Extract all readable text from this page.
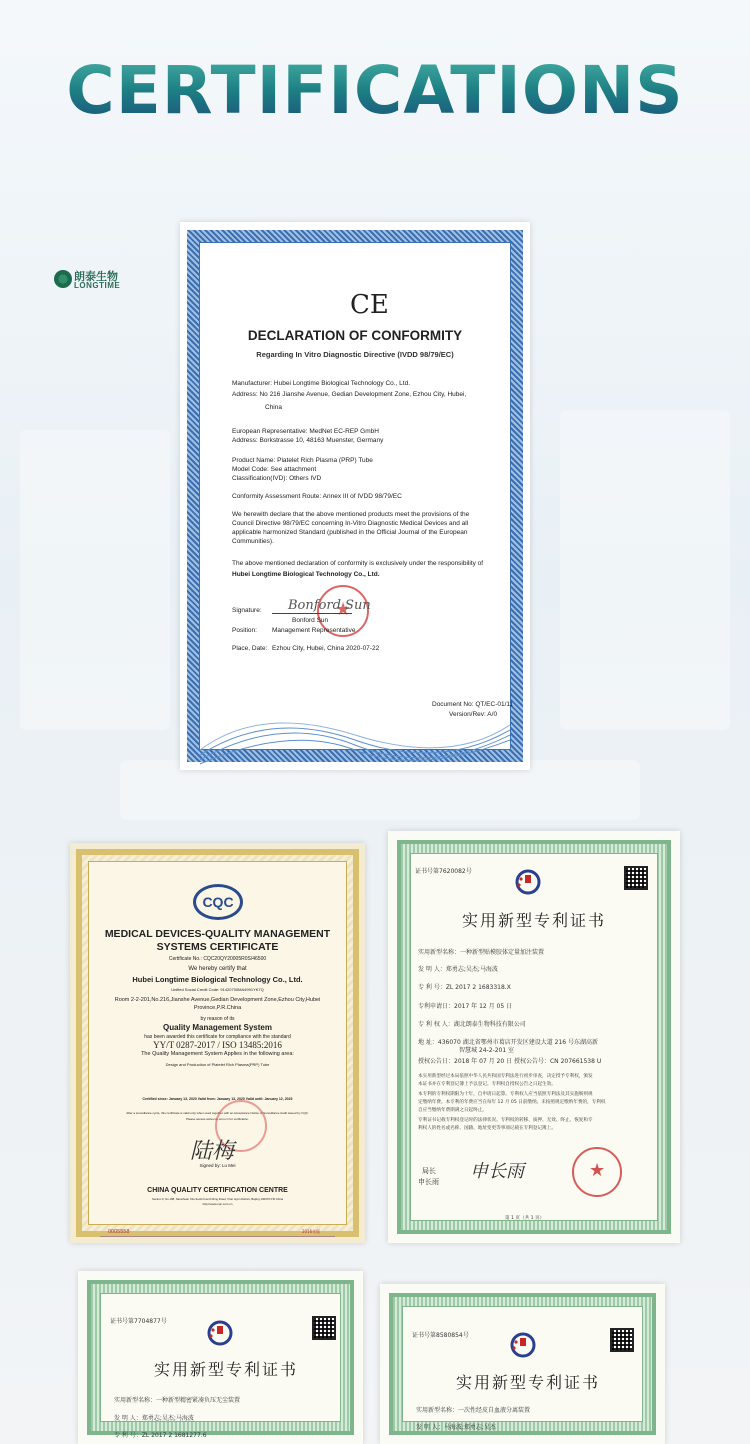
CERTIFICATIONS
朗泰生物
LONGTIME
CE
DECLARATION OF CONFORMITY
Regarding In Vitro Diagnostic Directive (IVDD 98/79/EC)
Manufacturer: Hubei Longtime Biological Technology Co., Ltd.
Address: No 216 Jianshe Avenue, Gedian Development Zone, Ezhou City, Hubei,
China
European Representative: MedNet EC-REP GmbH
Address: Borkstrasse 10, 48163 Muenster, Germany
Product Name: Platelet Rich Plasma (PRP) Tube
Model Code: See attachment
Classification(IVD): Others IVD
Conformity Assessment Route: Annex III of IVDD 98/79/EC
We herewith declare that the above mentioned products meet the provisions of the
Council Directive 98/79/EC concerning In-Vitro Diagnostic Medical Devices and all
applicable harmonized Standard (published in the Official Journal of the European
Communities).
The above mentioned declaration of conformity is exclusively under the responsibility of
Hubei Longtime Biological Technology Co., Ltd.
★
Bonford Sun
Signature:
Bonford Sun
Position: Management Representative
Place, Date: Ezhou City, Hubei, China 2020-07-22
Document No: QT/EC-01/11
Version/Rev: A/0
CQC
MEDICAL DEVICES-QUALITY MANAGEMENT
SYSTEMS CERTIFICATE
Certificate No.: CQC20QY20005R0S/46500
We hereby certify that
Hubei Longtime Biological Technology Co., Ltd.
Unified Social Credit Code: 91420700MA4991YK7Q
Room 2-2-201,No.216,Jianshe Avenue,Gedian Development Zone,Ezhou City,Hubei
Province,P.R.China
by reason of its
Quality Management System
has been awarded this certificate for compliance with the standard
YY/T 0287-2017 / ISO 13485:2016
The Quality Management System Applies in the following area:
Design and Production of Platelet Rich Plasma(PRP) Tube
Certified since: January 13, 2020 Valid from: January 13, 2020 Valid until: January 12, 2023
After a surveillance cycle, this certificate is valid only when used together with an Acceptance Notice of Surveillance Audit issued by CQC.
Please access www.cqc.com.cn for verification.
陆梅
Signed by: Lu Mei
CHINA QUALITY CERTIFICATION CENTRE
Section 9, No.188, Nansihuan Xilu,South Fourth Ring Road, Xi'an Hyun District, Beijing 100070 P.R.China
http://www.cqc.com.cn
0005558	2016年版
证书号第7620082号
实用新型专利证书
实用新型名称：一种新型贴模胶体定量加注装置
发 明 人：郑勇志;吴杰;马海波
专 利 号：ZL 2017 2 1683318.X
专利申请日：2017 年 12 月 05 日
专 利 权 人：湖北朗泰生物科技有限公司
地 址：436070 湖北省鄂州市葛店开发区建设大道 216 号东湖高新
智慧城 24-2-201 室
授权公告日：2018 年 07 月 20 日 授权公告号：CN 207661538 U
本实用新型经过本局依照中华人民共和国专利法进行初步审查，决定授予专利权，颁发
本证书并在专利登记簿上予以登记。专利权自授权公告之日起生效。
本专利的专利权期限为十年，自申请日起算。专利权人应当依照专利法及其实施细则规
定缴纳年费。本专利的年费应当在每年 12 月 05 日前缴纳。未按照规定缴纳年费的，专利权
自应当缴纳年费期满之日起终止。
专利证书记载专利权登记时的法律状况。专利权的转移、质押、无效、终止、恢复和专
利权人的姓名或名称、国籍、地址变更等事项记载在专利登记簿上。
局长
申长雨 申长雨
★
第 1 页（共 1 页）
证书号第7704877号
实用新型专利证书
实用新型名称：一种新型精密紧凑负压无尘装置
发 明 人：郑勇志;吴杰;马海波
专 利 号：ZL 2017 2 1681277.6
证书号第8580854号
实用新型专利证书
实用新型名称：一次性经皮自血液分离装置
发 明 人：马海波;郑勇志;吴杰
